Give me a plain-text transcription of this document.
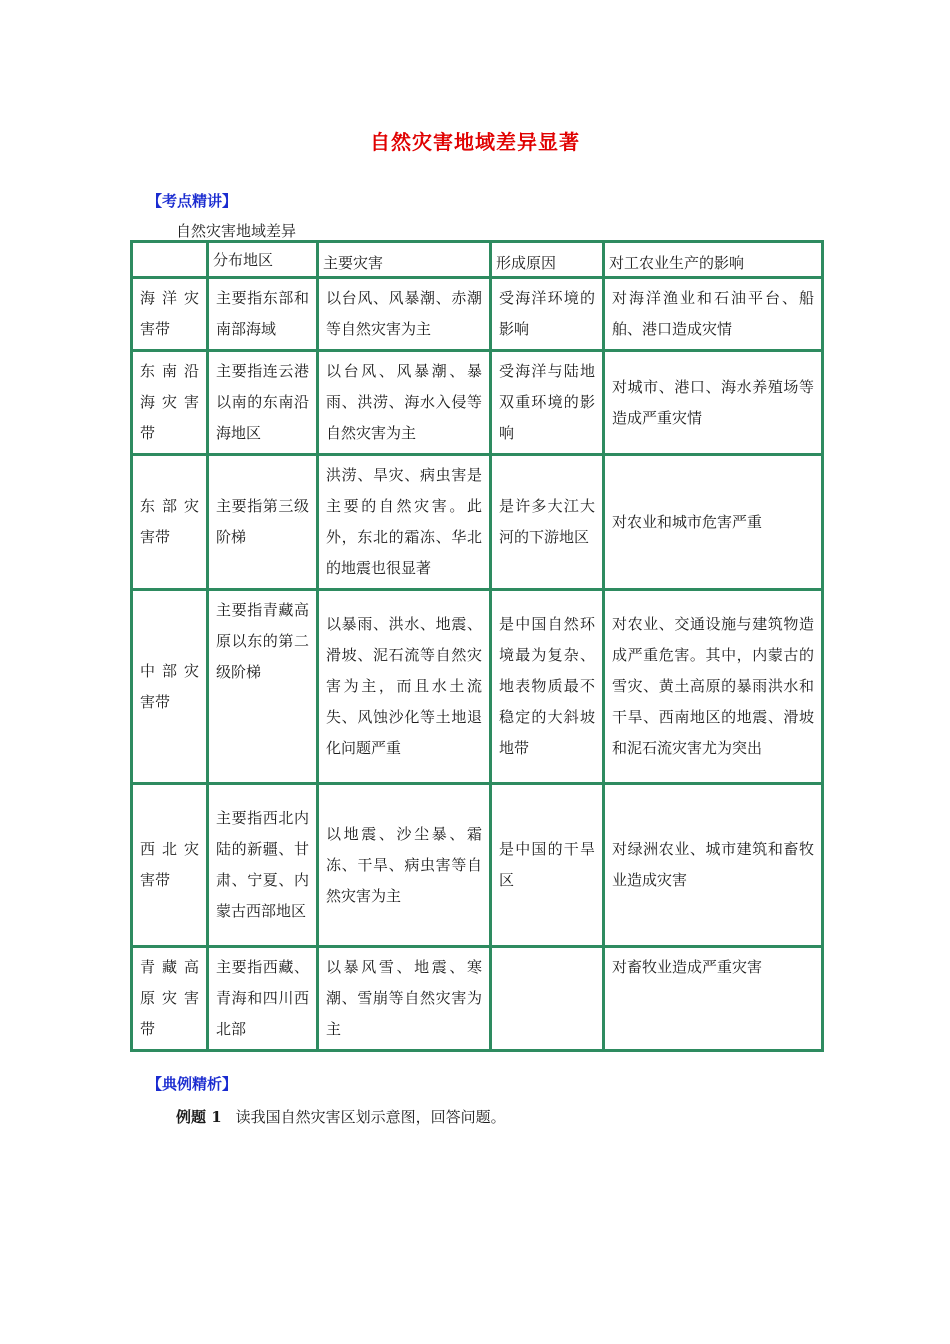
自然灾害地域差异显著
【考点精讲】
自然灾害地域差异
	分布地区	主要灾害	形成原因	对工农业生产的影响
海洋灾害带	主要指东部和南部海域	以台风、风暴潮、赤潮等自然灾害为主	受海洋环境的影响	对海洋渔业和石油平台、船舶、港口造成灾情
东南沿海灾害带	主要指连云港以南的东南沿海地区	以台风、风暴潮、暴雨、洪涝、海水入侵等自然灾害为主	受海洋与陆地双重环境的影响	对城市、港口、海水养殖场等造成严重灾情
东部灾害带	主要指第三级阶梯	洪涝、旱灾、病虫害是主要的自然灾害。此外，东北的霜冻、华北的地震也很显著	是许多大江大河的下游地区	对农业和城市危害严重
中部灾害带	主要指青藏高原以东的第二级阶梯	以暴雨、洪水、地震、滑坡、泥石流等自然灾害为主，而且水土流失、风蚀沙化等土地退化问题严重	是中国自然环境最为复杂、地表物质最不稳定的大斜坡地带	对农业、交通设施与建筑物造成严重危害。其中，内蒙古的雪灾、黄土高原的暴雨洪水和干旱、西南地区的地震、滑坡和泥石流灾害尤为突出
西北灾害带	主要指西北内陆的新疆、甘肃、宁夏、内蒙古西部地区	以地震、沙尘暴、霜冻、干旱、病虫害等自然灾害为主	是中国的干旱区	对绿洲农业、城市建筑和畜牧业造成灾害
青藏高原灾害带	主要指西藏、青海和四川西北部	以暴风雪、地震、寒潮、雪崩等自然灾害为主		对畜牧业造成严重灾害
【典例精析】
例题 1 读我国自然灾害区划示意图，回答问题。
